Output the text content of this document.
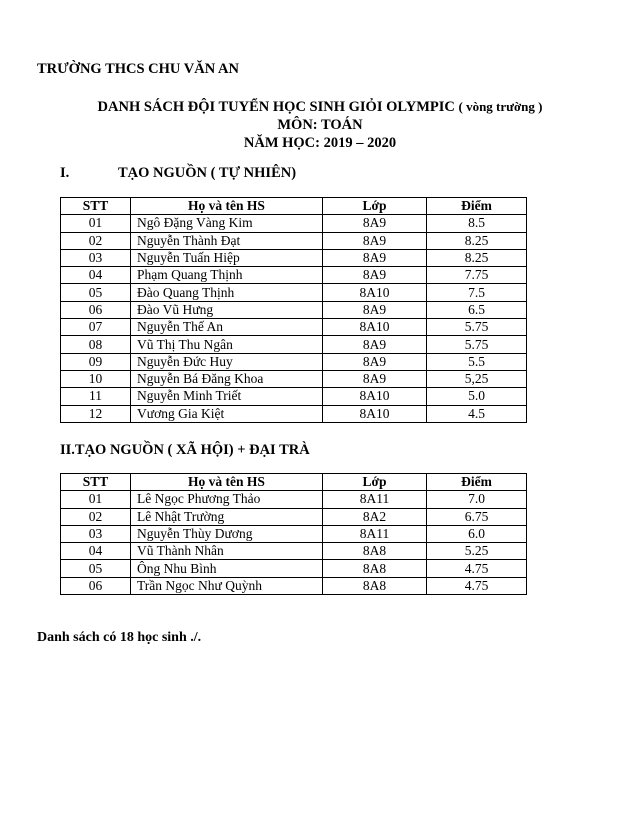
TRƯỜNG THCS CHU VĂN AN
DANH SÁCH ĐỘI TUYỂN HỌC SINH GIỎI OLYMPIC ( vòng trường )
MÔN: TOÁN
NĂM HỌC: 2019 – 2020
I.	TẠO NGUỒN ( TỰ NHIÊN)
STT	Họ và tên HS	Lớp	Điểm
01	Ngô Đặng Vàng Kim	8A9	8.5
02	Nguyễn Thành Đạt	8A9	8.25
03	Nguyễn Tuấn Hiệp	8A9	8.25
04	Phạm Quang Thịnh	8A9	7.75
05	Đào Quang Thịnh	8A10	7.5
06	Đào Vũ Hưng	8A9	6.5
07	Nguyễn Thế An	8A10	5.75
08	Vũ Thị Thu Ngân	8A9	5.75
09	Nguyễn Đức Huy	8A9	5.5
10	Nguyễn Bá Đăng Khoa	8A9	5,25
11	Nguyễn Minh Triết	8A10	5.0
12	Vương Gia Kiệt	8A10	4.5
II.TẠO NGUỒN ( XÃ HỘI) + ĐẠI TRÀ
STT	Họ và tên HS	Lớp	Điểm
01	Lê Ngọc Phương Thảo	8A11	7.0
02	Lê Nhật Trường	8A2	6.75
03	Nguyễn Thùy Dương	8A11	6.0
04	Vũ Thành Nhân	8A8	5.25
05	Ông Nhu Bình	8A8	4.75
06	Trần Ngọc Như Quỳnh	8A8	4.75
Danh sách có 18 học sinh ./.
